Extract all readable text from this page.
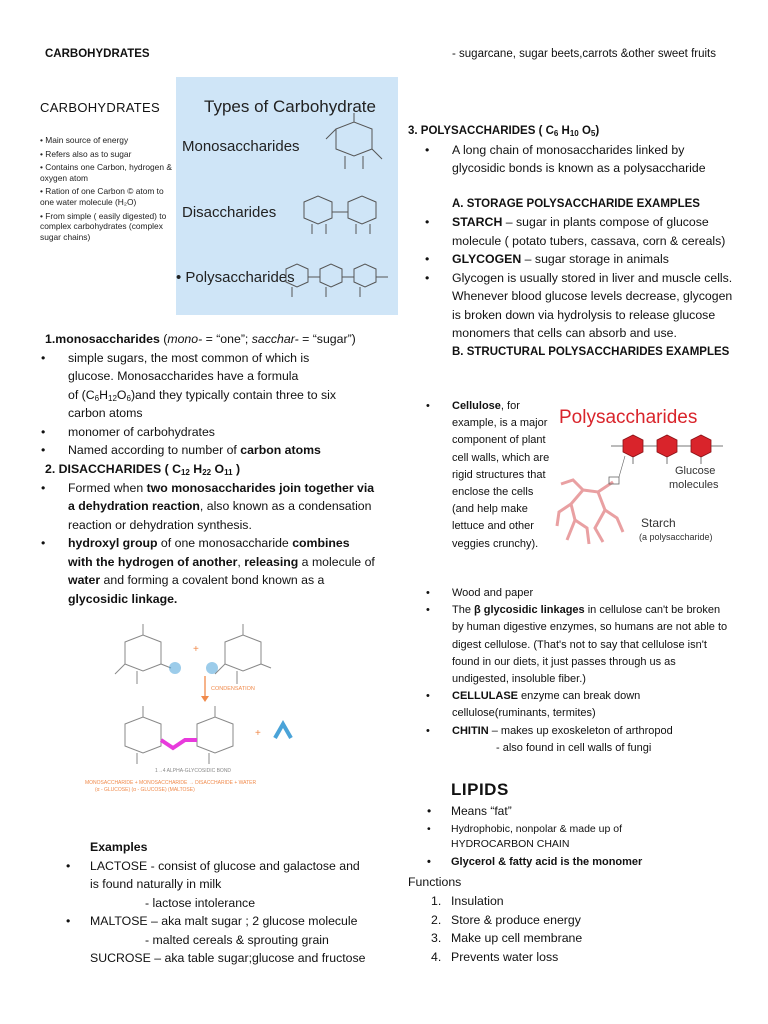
CARBOHYDRATES	- sugarcane, sugar beets,carrots &other sweet fruits
CARBOHYDRATES
• Main source of energy
• Refers also as to sugar
• Contains one Carbon, hydrogen & oxygen atom
• Ration of one Carbon © atom to one water molecule (H₂O)
• From simple ( easily digested) to complex carbohydrates (complex sugar chains)
Types of Carbohydrate
Monosaccharides
Disaccharides
• Polysaccharides
1.monosaccharides (mono- = “one”; sacchar- = “sugar”)
• simple sugars, the most common of which is
glucose. Monosaccharides have a formula
of $(C_6H_{12}O_6)and$ they typically contain three to six
carbon atoms
• monomer of carbohydrates
• Named according to number of carbon atoms
2. DISACCHARIDES ( $C_{12}$ $H_{22}$ $O_{11}$ )
• Formed when two monosaccharides join together via a dehydration reaction, also known as a condensation reaction or dehydration synthesis.
• hydroxyl group of one monosaccharide combines with the hydrogen of another, releasing a molecule of water and forming a covalent bond known as a glycosidic linkage.
+
CONDENSATION
+
1→4 ALPHA-GLYCOSIDIC BOND
MONOSACCHARIDE + MONOSACCHARIDE → DISACCHARIDE + WATER
(α - GLUCOSE) (α - GLUCOSE) (MALTOSE)
Examples
• LACTOSE - consist of glucose and galactose and is found naturally in milk
- lactose intolerance
• MALTOSE – aka malt sugar ; 2 glucose molecule
- malted cereals & sprouting grain
SUCROSE – aka table sugar;glucose and fructose
3. POLYSACCHARIDES ( $C_6$ $H_{10}$ $O_5$)
• A long chain of monosaccharides linked by glycosidic bonds is known as a polysaccharide
A. STORAGE POLYSACCHARIDE EXAMPLES
• STARCH – sugar in plants compose of glucose molecule ( potato tubers, cassava, corn & cereals)
• GLYCOGEN – sugar storage in animals
• Glycogen is usually stored in liver and muscle cells. Whenever blood glucose levels decrease, glycogen is broken down via hydrolysis to release glucose monomers that cells can absorb and use.
B. STRUCTURAL POLYSACCHARIDES EXAMPLES
• Cellulose, for example, is a major component of plant cell walls, which are rigid structures that enclose the cells (and help make lettuce and other veggies crunchy).
Polysaccharides
Glucose
molecules
Starch
(a polysaccharide)
• Wood and paper
• The β glycosidic linkages in cellulose can't be broken by human digestive enzymes, so humans are not able to digest cellulose. (That's not to say that cellulose isn't found in our diets, it just passes through us as undigested, insoluble fiber.)
• CELLULASE enzyme can break down cellulose(ruminants, termites)
• CHITIN – makes up exoskeleton of arthropod
- also found in cell walls of fungi
LIPIDS
• Means “fat”
• Hydrophobic, nonpolar & made up of
HYDROCARBON CHAIN
• Glycerol & fatty acid is the monomer
Functions
1. Insulation
2. Store & produce energy
3. Make up cell membrane
4. Prevents water loss
